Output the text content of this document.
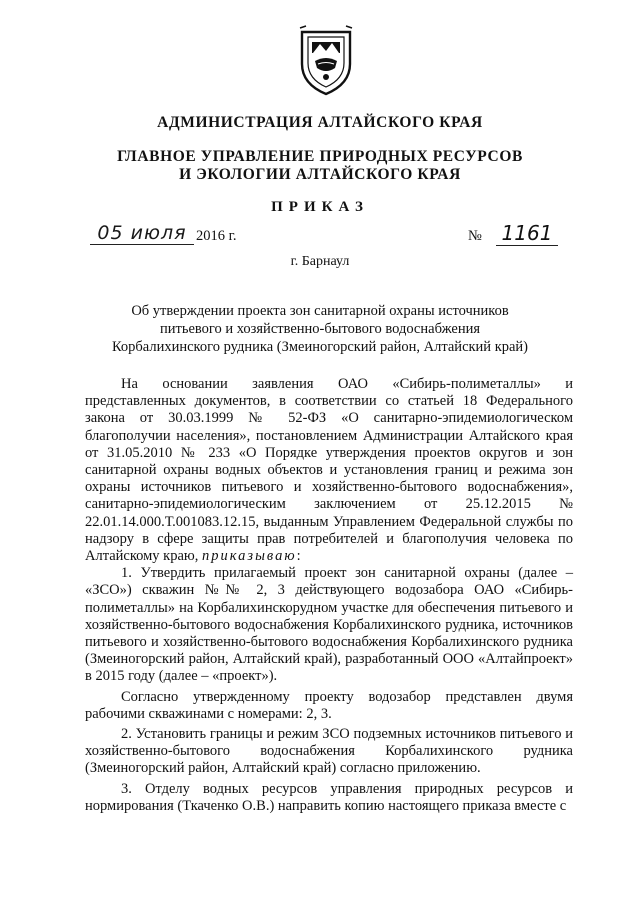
АДМИНИСТРАЦИЯ АЛТАЙСКОГО КРАЯ
ГЛАВНОЕ УПРАВЛЕНИЕ ПРИРОДНЫХ РЕСУРСОВ
И ЭКОЛОГИИ АЛТАЙСКОГО КРАЯ
ПРИКАЗ
05 июля 2016 г.	№ 1161
г. Барнаул
Об утверждении проекта зон санитарной охраны источников питьевого и хозяйственно-бытового водоснабжения Корбалихинского рудника (Змеиногорский район, Алтайский край)

На основании заявления ОАО «Сибирь-полиметаллы» и представленных документов, в соответствии со статьей 18 Федерального закона от 30.03.1999 № 52-ФЗ «О санитарно-эпидемиологическом благополучии населения», постановлением Администрации Алтайского края от 31.05.2010 № 233 «О Порядке утверждения проектов округов и зон санитарной охраны водных объектов и установления границ и режима зон охраны источников питьевого и хозяйственно-бытового водоснабжения», санитарно-эпидемиологическим заключением от 25.12.2015 № 22.01.14.000.Т.001083.12.15, выданным Управлением Федеральной службы по надзору в сфере защиты прав потребителей и благополучия человека по Алтайскому краю, приказываю:

1. Утвердить прилагаемый проект зон санитарной охраны (далее – «ЗСО») скважин №№ 2, 3 действующего водозабора ОАО «Сибирь-полиметаллы» на Корбалихинскорудном участке для обеспечения питьевого и хозяйственно-бытового водоснабжения Корбалихинского рудника, источников питьевого и хозяйственно-бытового водоснабжения Корбалихинского рудника (Змеиногорский район, Алтайский край), разработанный ООО «Алтайпроект» в 2015 году (далее – «проект»).

Согласно утвержденному проекту водозабор представлен двумя рабочими скважинами с номерами: 2, 3.

2. Установить границы и режим ЗСО подземных источников питьевого и хозяйственно-бытового водоснабжения Корбалихинского рудника (Змеиногорский район, Алтайский край) согласно приложению.

3. Отделу водных ресурсов управления природных ресурсов и нормирования (Ткаченко О.В.) направить копию настоящего приказа вместе с
